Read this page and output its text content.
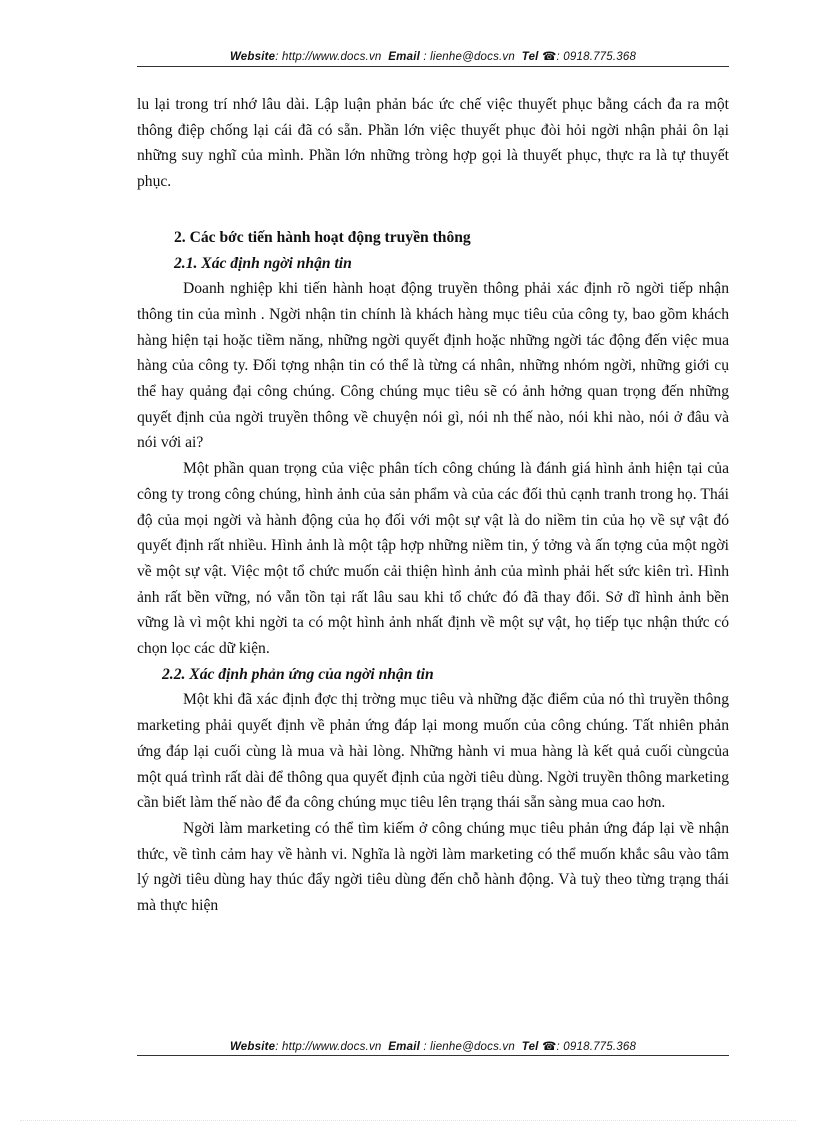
Website: http://www.docs.vn Email : lienhe@docs.vn Tel ☎: 0918.775.368

lu lại trong trí nhớ lâu dài. Lập luận phản bác ức chế việc thuyết phục bằng cách đa ra một thông điệp chống lại cái đã có sẵn. Phần lớn việc thuyết phục đòi hỏi ngời nhận phải ôn lại những suy nghĩ của mình. Phần lớn những tròng hợp gọi là thuyết phục, thực ra là tự thuyết phục.

2. Các bớc tiến hành hoạt động truyền thông

2.1. Xác định ngời nhận tin

Doanh nghiệp khi tiến hành hoạt động truyền thông phải xác định rõ ngời tiếp nhận thông tin của mình . Ngời nhận tin chính là khách hàng mục tiêu của công ty, bao gồm khách hàng hiện tại hoặc tiềm năng, những ngời quyết định hoặc những ngời tác động đến việc mua hàng của công ty. Đối tợng nhận tin có thể là từng cá nhân, những nhóm ngời, những giới cụ thể hay quảng đại công chúng. Công chúng mục tiêu sẽ có ảnh hởng quan trọng đến những quyết định của ngời truyền thông về chuyện nói gì, nói nh thế nào, nói khi nào, nói ở đâu và nói với ai?

Một phần quan trọng của việc phân tích công chúng là đánh giá hình ảnh hiện tại của công ty trong công chúng, hình ảnh của sản phẩm và của các đối thủ cạnh tranh trong họ. Thái độ của mọi ngời và hành động của họ đối với một sự vật là do niềm tin của họ về sự vật đó quyết định rất nhiều. Hình ảnh là một tập hợp những niềm tin, ý tởng và ấn tợng của một ngời về một sự vật. Việc một tổ chức muốn cải thiện hình ảnh của mình phải hết sức kiên trì. Hình ảnh rất bền vững, nó vẫn tồn tại rất lâu sau khi tổ chức đó đã thay đổi. Sở dĩ hình ảnh bền vững là vì một khi ngời ta có một hình ảnh nhất định về một sự vật, họ tiếp tục nhận thức có chọn lọc các dữ kiện.

2.2. Xác định phản ứng của ngời nhận tin

Một khi đã xác định đợc thị trờng mục tiêu và những đặc điểm của nó thì truyền thông marketing phải quyết định về phản ứng đáp lại mong muốn của công chúng. Tất nhiên phản ứng đáp lại cuối cùng là mua và hài lòng. Những hành vi mua hàng là kết quả cuối cùngcủa một quá trình rất dài để thông qua quyết định của ngời tiêu dùng. Ngời truyền thông marketing cần biết làm thế nào để đa công chúng mục tiêu lên trạng thái sẵn sàng mua cao hơn.

Ngời làm marketing có thể tìm kiếm ở công chúng mục tiêu phản ứng đáp lại về nhận thức, về tình cảm hay về hành vi. Nghĩa là ngời làm marketing có thể muốn khắc sâu vào tâm lý ngời tiêu dùng hay thúc đẩy ngời tiêu dùng đến chỗ hành động. Và tuỳ theo từng trạng thái mà thực hiện

Website: http://www.docs.vn Email : lienhe@docs.vn Tel ☎: 0918.775.368
